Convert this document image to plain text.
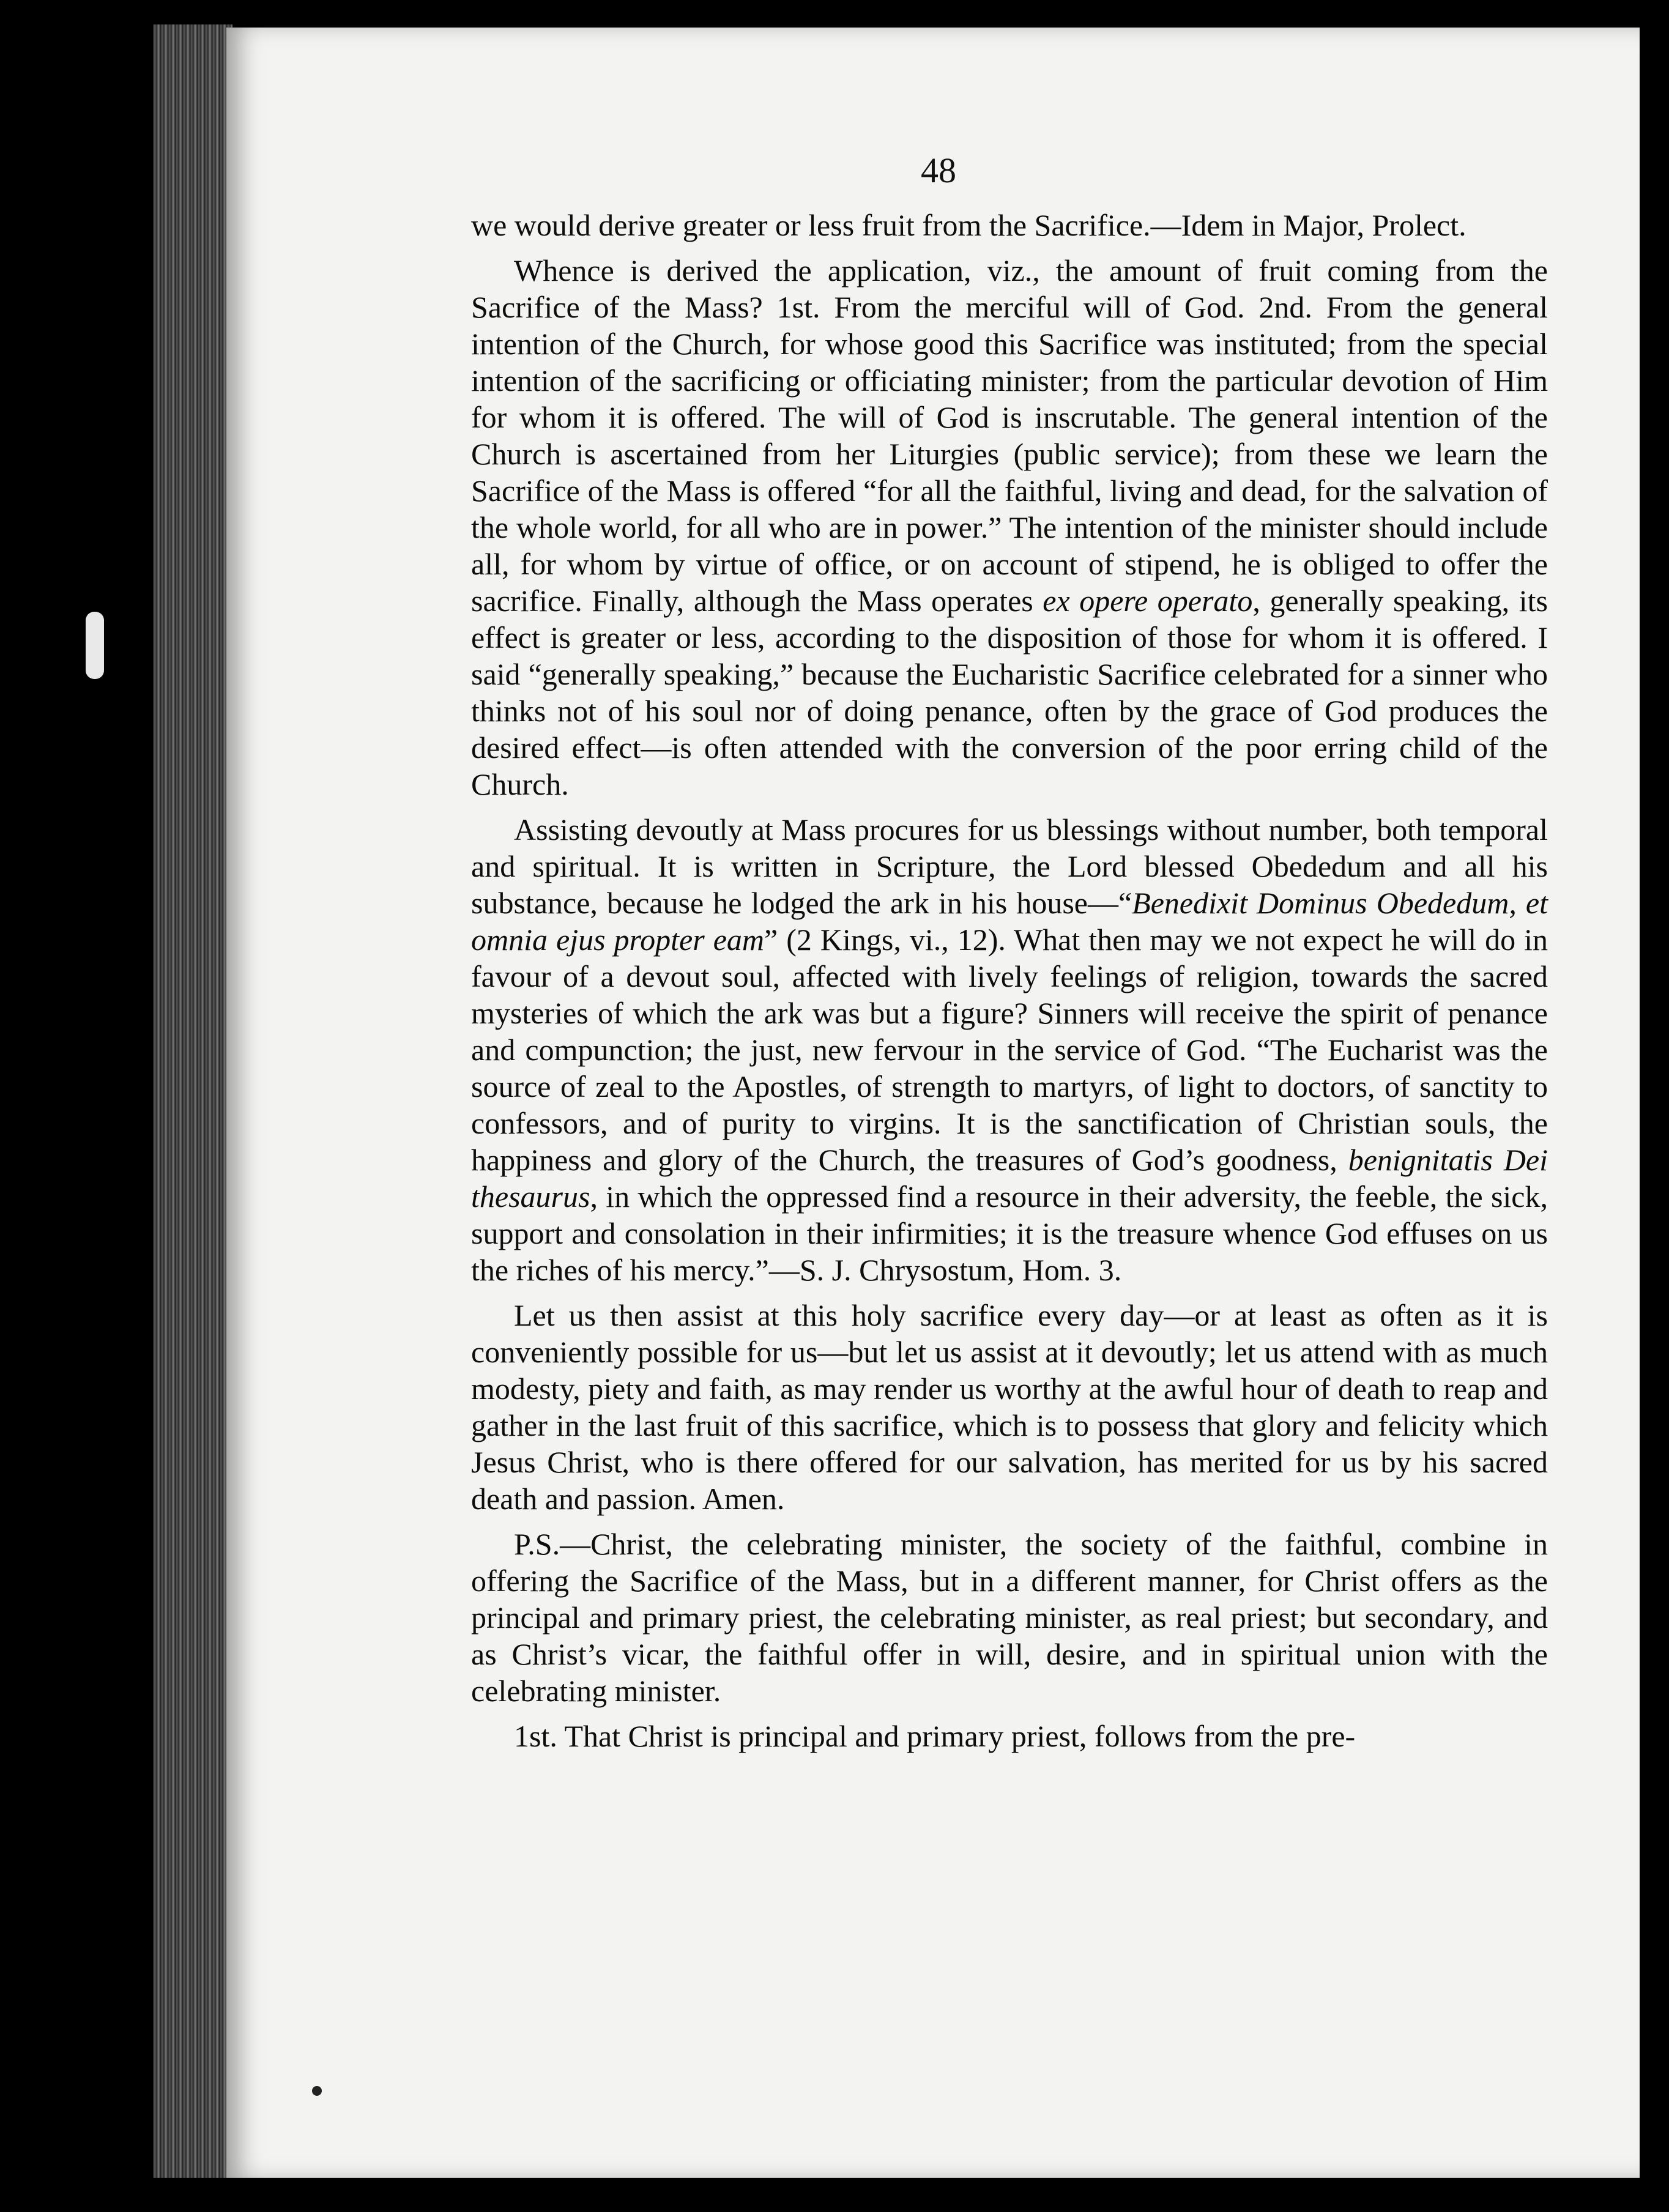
48

we would derive greater or less fruit from the Sacrifice.—Idem in Major, Prolect.

Whence is derived the application, viz., the amount of fruit coming from the Sacrifice of the Mass? 1st. From the merciful will of God. 2nd. From the general intention of the Church, for whose good this Sacrifice was instituted; from the special intention of the sacrificing or officiating minister; from the particular devotion of Him for whom it is offered. The will of God is inscrutable. The general intention of the Church is ascertained from her Liturgies (public service); from these we learn the Sacrifice of the Mass is offered “for all the faithful, living and dead, for the salvation of the whole world, for all who are in power.” The intention of the minister should include all, for whom by virtue of office, or on account of stipend, he is obliged to offer the sacrifice. Finally, although the Mass operates ex opere operato, generally speaking, its effect is greater or less, according to the disposition of those for whom it is offered. I said “generally speaking,” because the Eucharistic Sacrifice celebrated for a sinner who thinks not of his soul nor of doing penance, often by the grace of God produces the desired effect—is often attended with the conversion of the poor erring child of the Church.

Assisting devoutly at Mass procures for us blessings without number, both temporal and spiritual. It is written in Scripture, the Lord blessed Obededum and all his substance, because he lodged the ark in his house—“Benedixit Dominus Obededum, et omnia ejus propter eam” (2 Kings, vi., 12). What then may we not expect he will do in favour of a devout soul, affected with lively feelings of religion, towards the sacred mysteries of which the ark was but a figure? Sinners will receive the spirit of penance and compunction; the just, new fervour in the service of God. “The Eucharist was the source of zeal to the Apostles, of strength to martyrs, of light to doctors, of sanctity to confessors, and of purity to virgins. It is the sanctification of Christian souls, the happiness and glory of the Church, the treasures of God’s goodness, benignitatis Dei thesaurus, in which the oppressed find a resource in their adversity, the feeble, the sick, support and consolation in their infirmities; it is the treasure whence God effuses on us the riches of his mercy.”—S. J. Chrysostum, Hom. 3.

Let us then assist at this holy sacrifice every day—or at least as often as it is conveniently possible for us—but let us assist at it devoutly; let us attend with as much modesty, piety and faith, as may render us worthy at the awful hour of death to reap and gather in the last fruit of this sacrifice, which is to possess that glory and felicity which Jesus Christ, who is there offered for our salvation, has merited for us by his sacred death and passion. Amen.

P.S.—Christ, the celebrating minister, the society of the faithful, combine in offering the Sacrifice of the Mass, but in a different manner, for Christ offers as the principal and primary priest, the celebrating minister, as real priest; but secondary, and as Christ’s vicar, the faithful offer in will, desire, and in spiritual union with the celebrating minister.

1st. That Christ is principal and primary priest, follows from the pre-
